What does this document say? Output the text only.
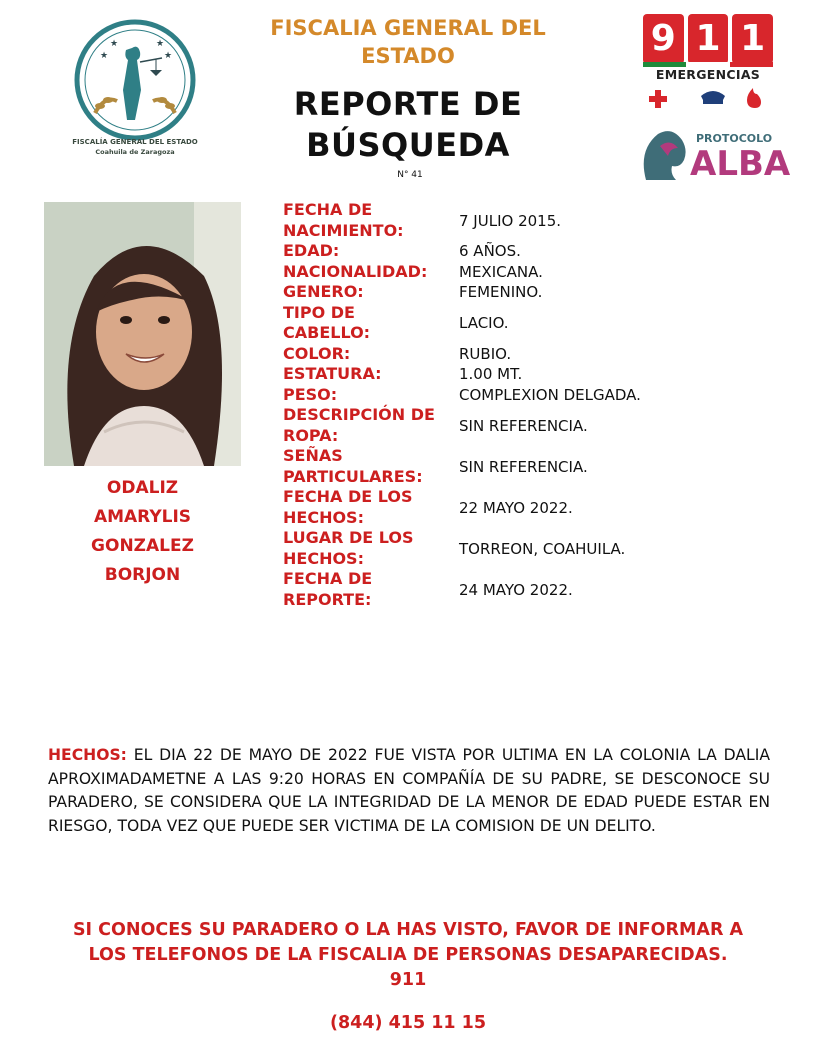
★
★	★
★
FISCALÍA GENERAL DEL ESTADO
Coahuila de Zaragoza
FISCALIA GENERAL DEL
ESTADO
REPORTE DE
BÚSQUEDA
N° 41
9 1 1
EMERGENCIAS
PROTOCOLO
ALBA
ODALIZ
AMARYLIS
GONZALEZ
BORJON
FECHA DE
NACIMIENTO:	7 JULIO 2015.
EDAD:	6 AÑOS.
NACIONALIDAD:	MEXICANA.
GENERO:	FEMENINO.
TIPO DE
CABELLO:	LACIO.
COLOR:	RUBIO.
ESTATURA:	1.00 MT.
PESO:	COMPLEXION DELGADA.
DESCRIPCIÓN DE
ROPA:	SIN REFERENCIA.
SEÑAS
PARTICULARES:	SIN REFERENCIA.
FECHA DE LOS
HECHOS:	22 MAYO 2022.
LUGAR DE LOS
HECHOS:	TORREON, COAHUILA.
FECHA DE
REPORTE:	24 MAYO 2022.
HECHOS: EL DIA 22 DE MAYO DE 2022 FUE VISTA POR ULTIMA EN LA COLONIA LA DALIA APROXIMADAMETNE A LAS 9:20 HORAS EN COMPAÑÍA DE SU PADRE, SE DESCONOCE SU PARADERO, SE CONSIDERA QUE LA INTEGRIDAD DE LA MENOR DE EDAD PUEDE ESTAR EN RIESGO, TODA VEZ QUE PUEDE SER VICTIMA DE LA COMISION DE UN DELITO.
SI CONOCES SU PARADERO O LA HAS VISTO, FAVOR DE INFORMAR A
LOS TELEFONOS DE LA FISCALIA DE PERSONAS DESAPARECIDAS.
911
(844) 415 11 15
